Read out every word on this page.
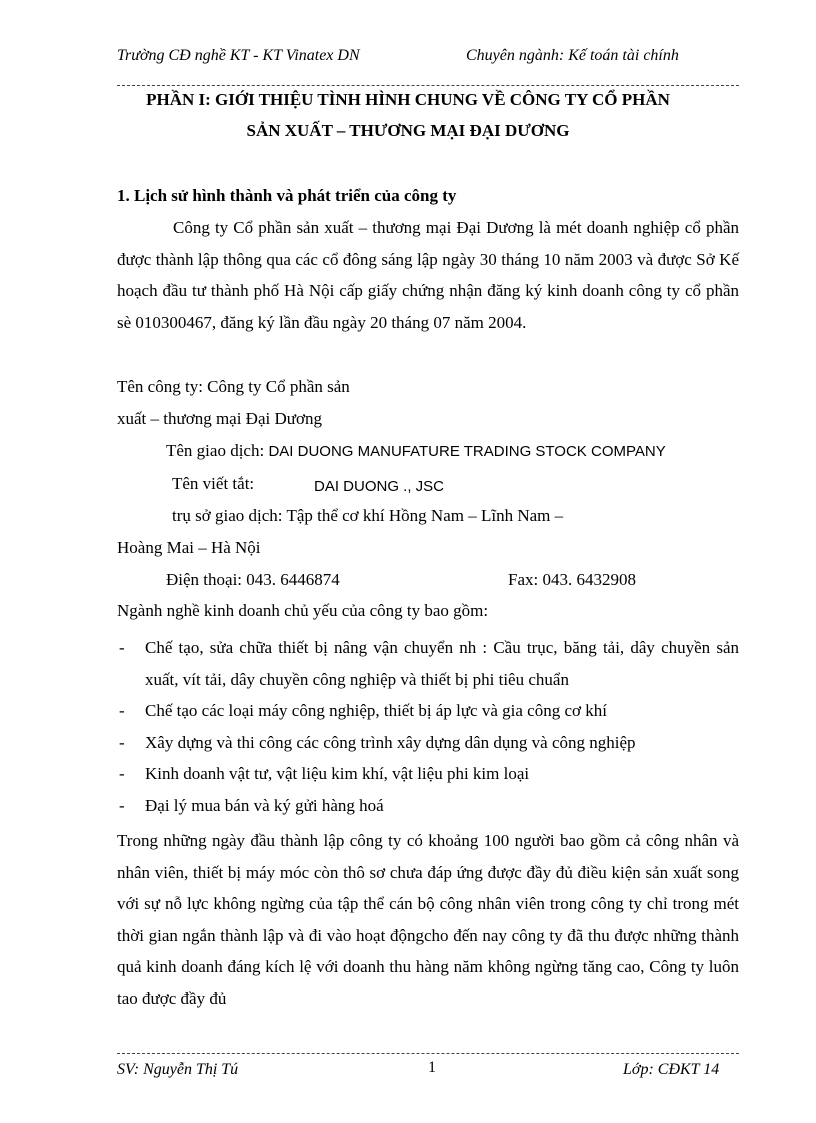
Trường CĐ nghề KT - KT Vinatex DN	Chuyên ngành: Kế toán tài chính
PHẦN I: GIỚI THIỆU TÌNH HÌNH CHUNG VỀ CÔNG TY CỔ PHẦN
SẢN XUẤT – THƯƠNG MẠI ĐẠI DƯƠNG
1. Lịch sử hình thành và phát triển của công ty

Công ty Cổ phần sản xuất – thương mại Đại Dương là mét doanh nghiệp cổ phần được thành lập thông qua các cổ đông sáng lập ngày 30 tháng 10 năm 2003 và được Sở Kế hoạch đầu tư thành phố Hà Nội cấp giấy chứng nhận đăng ký kinh doanh công ty cổ phần sè 010300467, đăng ký lần đầu ngày 20 tháng 07 năm 2004.

Tên công ty: Công ty Cổ phần sản
xuất – thương mại Đại Dương
Tên giao dịch: DAI DUONG MANUFATURE TRADING STOCK COMPANY
Tên viết tắt:	DAI DUONG ., JSC
trụ sở giao dịch: Tập thể cơ khí Hồng Nam – Lĩnh Nam –
Hoàng Mai – Hà Nội
Điện thoại: 043. 6446874	Fax: 043. 6432908
Ngành nghề kinh doanh chủ yếu của công ty bao gồm:
- Chế tạo, sửa chữa thiết bị nâng vận chuyển nh : Cầu trục, băng tải, dây chuyền sản xuất, vít tải, dây chuyền công nghiệp và thiết bị phi tiêu chuẩn
- Chế tạo các loại máy công nghiệp, thiết bị áp lực và gia công cơ khí
- Xây dựng và thi công các công trình xây dựng dân dụng và công nghiệp
- Kinh doanh vật tư, vật liệu kim khí, vật liệu phi kim loại
- Đại lý mua bán và ký gửi hàng hoá

Trong những ngày đầu thành lập công ty có khoảng 100 người bao gồm cả công nhân và nhân viên, thiết bị máy móc còn thô sơ chưa đáp ứng được đầy đủ điều kiện sản xuất song với sự nỗ lực không ngừng của tập thể cán bộ công nhân viên trong công ty chỉ trong mét thời gian ngắn thành lập và đi vào hoạt độngcho đến nay công ty đã thu được những thành quả kinh doanh đáng kích lệ với doanh thu hàng năm không ngừng tăng cao, Công ty luôn tao được đầy đủ

SV: Nguyễn Thị Tú	1	Lớp: CĐKT 14
